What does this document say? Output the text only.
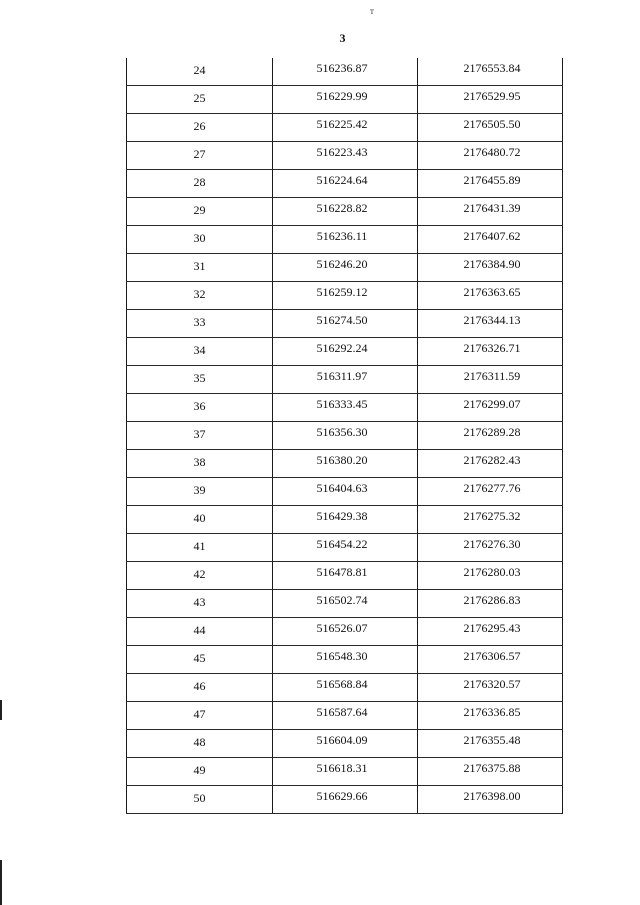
т
3
24	516236.87	2176553.84
25	516229.99	2176529.95
26	516225.42	2176505.50
27	516223.43	2176480.72
28	516224.64	2176455.89
29	516228.82	2176431.39
30	516236.11	2176407.62
31	516246.20	2176384.90
32	516259.12	2176363.65
33	516274.50	2176344.13
34	516292.24	2176326.71
35	516311.97	2176311.59
36	516333.45	2176299.07
37	516356.30	2176289.28
38	516380.20	2176282.43
39	516404.63	2176277.76
40	516429.38	2176275.32
41	516454.22	2176276.30
42	516478.81	2176280.03
43	516502.74	2176286.83
44	516526.07	2176295.43
45	516548.30	2176306.57
46	516568.84	2176320.57
47	516587.64	2176336.85
48	516604.09	2176355.48
49	516618.31	2176375.88
50	516629.66	2176398.00
